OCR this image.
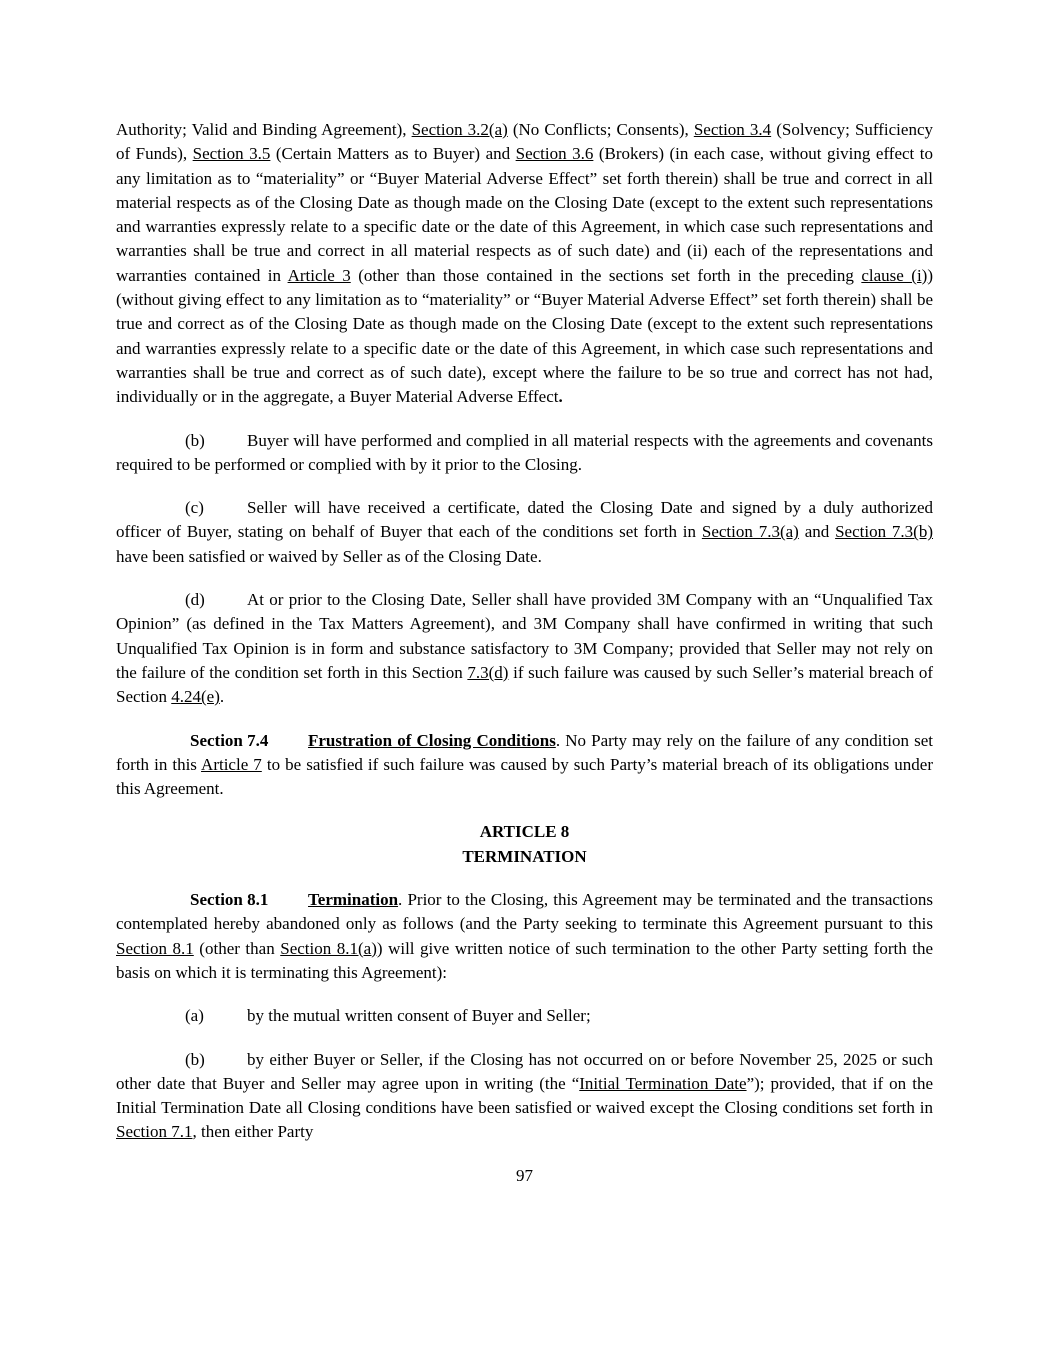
Authority; Valid and Binding Agreement), Section 3.2(a) (No Conflicts; Consents), Section 3.4 (Solvency; Sufficiency of Funds), Section 3.5 (Certain Matters as to Buyer) and Section 3.6 (Brokers) (in each case, without giving effect to any limitation as to “materiality” or “Buyer Material Adverse Effect” set forth therein) shall be true and correct in all material respects as of the Closing Date as though made on the Closing Date (except to the extent such representations and warranties expressly relate to a specific date or the date of this Agreement, in which case such representations and warranties shall be true and correct in all material respects as of such date) and (ii) each of the representations and warranties contained in Article 3 (other than those contained in the sections set forth in the preceding clause (i)) (without giving effect to any limitation as to “materiality” or “Buyer Material Adverse Effect” set forth therein) shall be true and correct as of the Closing Date as though made on the Closing Date (except to the extent such representations and warranties expressly relate to a specific date or the date of this Agreement, in which case such representations and warranties shall be true and correct as of such date), except where the failure to be so true and correct has not had, individually or in the aggregate, a Buyer Material Adverse Effect.

(b) Buyer will have performed and complied in all material respects with the agreements and covenants required to be performed or complied with by it prior to the Closing.

(c)	Seller will have received a certificate, dated the Closing Date and signed by a duly authorized officer of Buyer, stating on behalf of Buyer that each of the conditions set forth in Section 7.3(a) and Section 7.3(b) have been satisfied or waived by Seller as of the Closing Date.

(d) At or prior to the Closing Date, Seller shall have provided 3M Company with an “Unqualified Tax Opinion” (as defined in the Tax Matters Agreement), and 3M Company shall have confirmed in writing that such Unqualified Tax Opinion is in form and substance satisfactory to 3M Company; provided that Seller may not rely on the failure of the condition set forth in this Section 7.3(d) if such failure was caused by such Seller’s material breach of Section 4.24(e).

Section 7.4 Frustration of Closing Conditions. No Party may rely on the failure of any condition set forth in this Article 7 to be satisfied if such failure was caused by such Party’s material breach of its obligations under this Agreement.

ARTICLE 8
TERMINATION

Section 8.1 Termination. Prior to the Closing, this Agreement may be terminated and the transactions contemplated hereby abandoned only as follows (and the Party seeking to terminate this Agreement pursuant to this Section 8.1 (other than Section 8.1(a)) will give written notice of such termination to the other Party setting forth the basis on which it is terminating this Agreement):

(a)	by the mutual written consent of Buyer and Seller;

(b) by either Buyer or Seller, if the Closing has not occurred on or before November 25, 2025 or such other date that Buyer and Seller may agree upon in writing (the “Initial Termination Date”); provided, that if on the Initial Termination Date all Closing conditions have been satisfied or waived except the Closing conditions set forth in Section 7.1, then either Party

97
